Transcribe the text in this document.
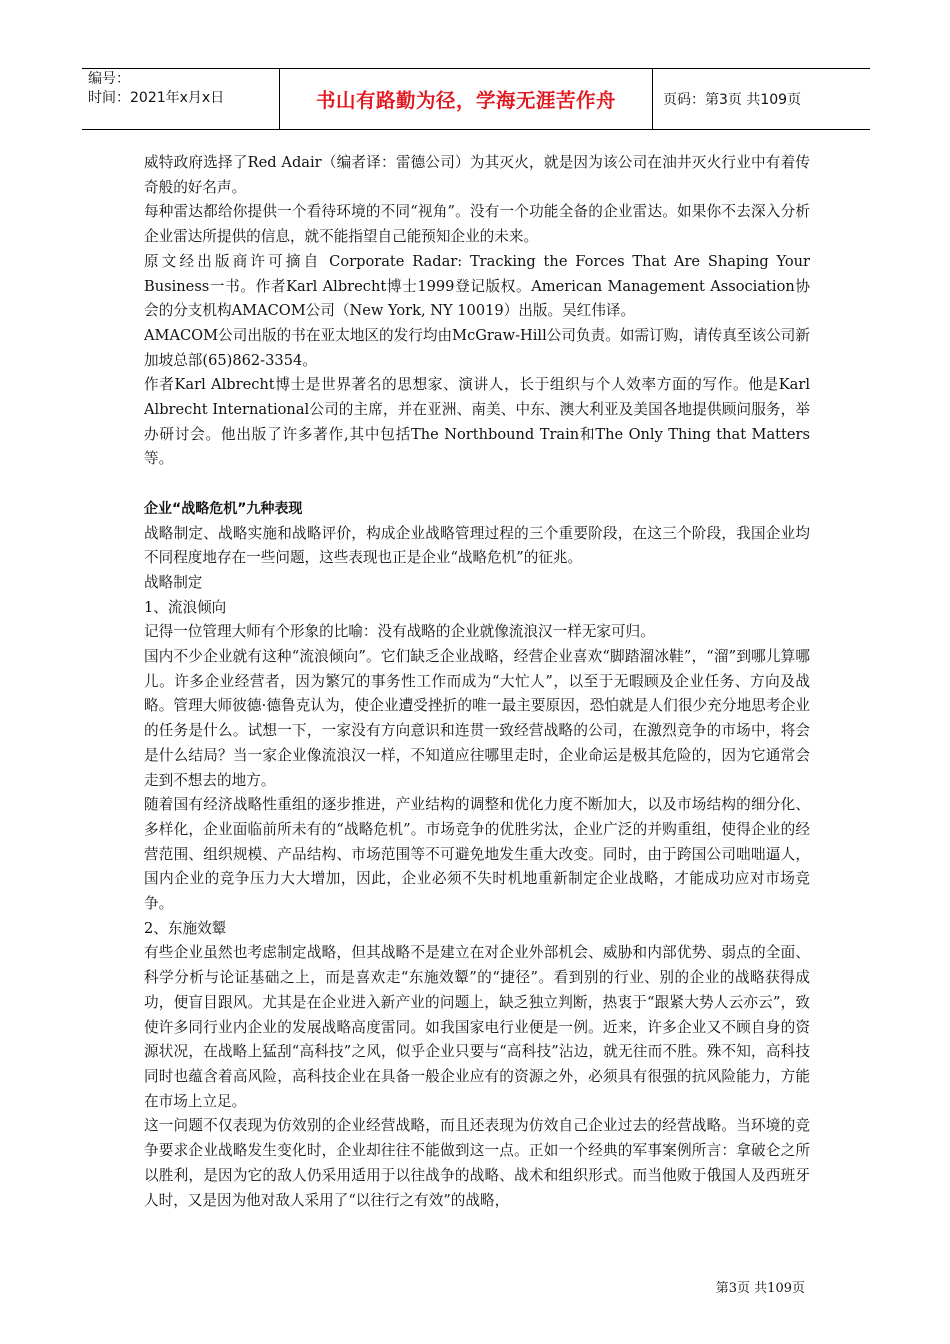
编号：
时间：2021年x月x日	书山有路勤为径，学海无涯苦作舟	页码：第3页 共109页

威特政府选择了Red Adair（编者译：雷德公司）为其灭火，就是因为该公司在油井灭火行业中有着传奇般的好名声。

每种雷达都给你提供一个看待环境的不同“视角”。没有一个功能全备的企业雷达。如果你不去深入分析企业雷达所提供的信息，就不能指望自己能预知企业的未来。

原文经出版商许可摘自 Corporate Radar: Tracking the Forces That Are Shaping Your Business一书。作者Karl Albrecht博士1999登记版权。American Management Association协会的分支机构AMACOM公司（New York, NY 10019）出版。吴红伟译。

AMACOM公司出版的书在亚太地区的发行均由McGraw-Hill公司负责。如需订购，请传真至该公司新加坡总部(65)862-3354。

作者Karl Albrecht博士是世界著名的思想家、演讲人，长于组织与个人效率方面的写作。他是Karl Albrecht International公司的主席，并在亚洲、南美、中东、澳大利亚及美国各地提供顾问服务，举办研讨会。他出版了许多著作,其中包括The Northbound Train和The Only Thing that Matters等。

企业“战略危机”九种表现

战略制定、战略实施和战略评价，构成企业战略管理过程的三个重要阶段，在这三个阶段，我国企业均不同程度地存在一些问题，这些表现也正是企业“战略危机”的征兆。

战略制定

1、流浪倾向

记得一位管理大师有个形象的比喻：没有战略的企业就像流浪汉一样无家可归。

国内不少企业就有这种“流浪倾向”。它们缺乏企业战略，经营企业喜欢“脚踏溜冰鞋”，“溜”到哪儿算哪儿。许多企业经营者，因为繁冗的事务性工作而成为“大忙人”，以至于无暇顾及企业任务、方向及战略。管理大师彼德·德鲁克认为，使企业遭受挫折的唯一最主要原因，恐怕就是人们很少充分地思考企业的任务是什么。试想一下，一家没有方向意识和连贯一致经营战略的公司，在激烈竞争的市场中，将会是什么结局？当一家企业像流浪汉一样，不知道应往哪里走时，企业命运是极其危险的，因为它通常会走到不想去的地方。

随着国有经济战略性重组的逐步推进，产业结构的调整和优化力度不断加大，以及市场结构的细分化、多样化，企业面临前所未有的“战略危机”。市场竞争的优胜劣汰，企业广泛的并购重组，使得企业的经营范围、组织规模、产品结构、市场范围等不可避免地发生重大改变。同时，由于跨国公司咄咄逼人，国内企业的竞争压力大大增加，因此，企业必须不失时机地重新制定企业战略，才能成功应对市场竞争。

2、东施效颦

有些企业虽然也考虑制定战略，但其战略不是建立在对企业外部机会、威胁和内部优势、弱点的全面、科学分析与论证基础之上，而是喜欢走“东施效颦”的“捷径”。看到别的行业、别的企业的战略获得成功，便盲目跟风。尤其是在企业进入新产业的问题上，缺乏独立判断，热衷于“跟紧大势人云亦云”，致使许多同行业内企业的发展战略高度雷同。如我国家电行业便是一例。近来，许多企业又不顾自身的资源状况，在战略上猛刮“高科技”之风，似乎企业只要与“高科技”沾边，就无往而不胜。殊不知，高科技同时也蕴含着高风险，高科技企业在具备一般企业应有的资源之外，必须具有很强的抗风险能力，方能在市场上立足。

这一问题不仅表现为仿效别的企业经营战略，而且还表现为仿效自己企业过去的经营战略。当环境的竞争要求企业战略发生变化时，企业却往往不能做到这一点。正如一个经典的军事案例所言：拿破仑之所以胜利，是因为它的敌人仍采用适用于以往战争的战略、战术和组织形式。而当他败于俄国人及西班牙人时，又是因为他对敌人采用了“以往行之有效”的战略，

第3页 共109页
